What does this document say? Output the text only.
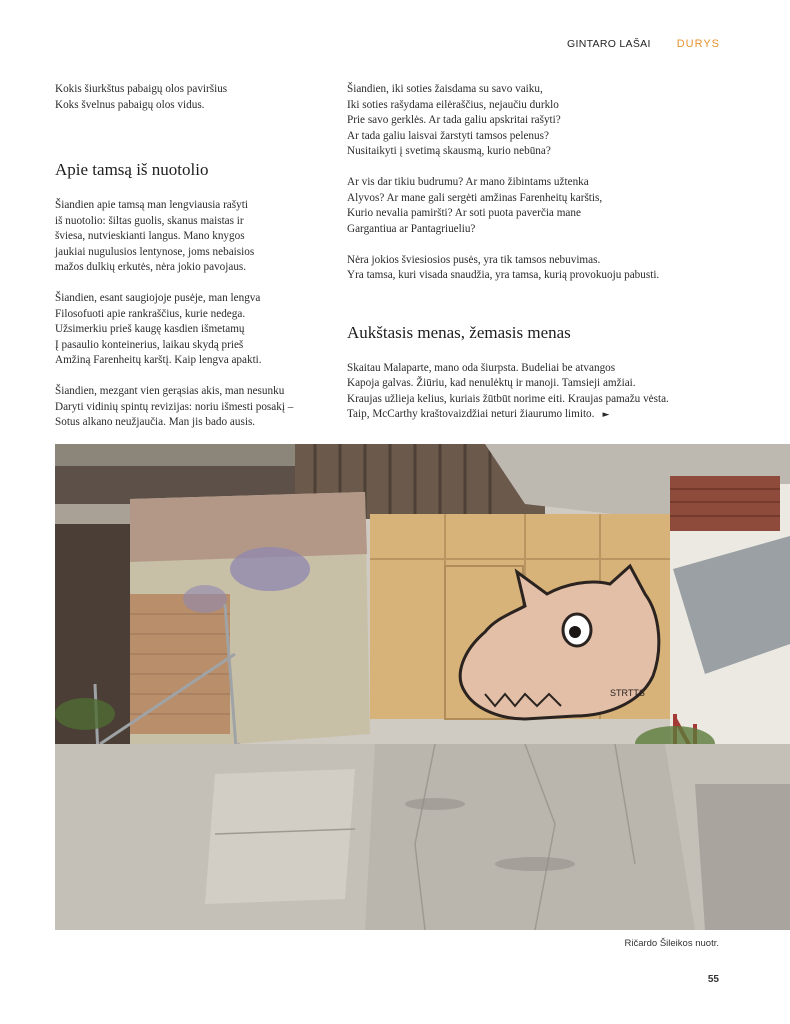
GINTARO LAŠAI DURYS

Kokis šiurkštus pabaigų olos paviršius
Koks švelnus pabaigų olos vidus.

Apie tamsą iš nuotolio

Šiandien apie tamsą man lengviausia rašyti
iš nuotolio: šiltas guolis, skanus maistas ir
šviesa, nutvieskianti langus. Mano knygos
jaukiai nugulusios lentynose, joms nebaisios
mažos dulkių erkutės, nėra jokio pavojaus.

Šiandien, esant saugiojoje pusėje, man lengva
Filosofuoti apie rankraščius, kurie nedega.
Užsimerkiu prieš kaugę kasdien išmetamų
Į pasaulio konteinerius, laikau skydą prieš
Amžiną Farenheitų karštį. Kaip lengva apakti.

Šiandien, mezgant vien gerąsias akis, man nesunku
Daryti vidinių spintų revizijas: noriu išmesti posakį –
Sotus alkano neužjaučia. Man jis bado ausis.

Šiandien, iki soties žaisdama su savo vaiku,
Iki soties rašydama eilėraščius, nejaučiu durklo
Prie savo gerklės. Ar tada galiu apskritai rašyti?
Ar tada galiu laisvai žarstyti tamsos pelenus?
Nusitaikyti į svetimą skausmą, kurio nebūna?

Ar vis dar tikiu budrumu? Ar mano žibintams užtenka
Alyvos? Ar mane gali sergėti amžinas Farenheitų karštis,
Kurio nevalia pamiršti? Ar soti puota paverčia mane
Gargantiua ar Pantagriueliu?

Nėra jokios šviesiosios pusės, yra tik tamsos nebuvimas.
Yra tamsa, kuri visada snaudžia, yra tamsa, kurią provokuoju pabusti.

Aukštasis menas, žemasis menas

Skaitau Malaparte, mano oda šiurpsta. Budeliai be atvangos
Kapoja galvas. Žiūriu, kad nenulėktų ir manoji. Tamsieji amžiai.
Kraujas užlieja kelius, kuriais žūtbūt norime eiti. Kraujas pamažu vėsta.
Taip, McCarthy kraštovaizdžiai neturi žiaurumo limito. ►

STRTTS
Ričardo Šileikos nuotr.
55
